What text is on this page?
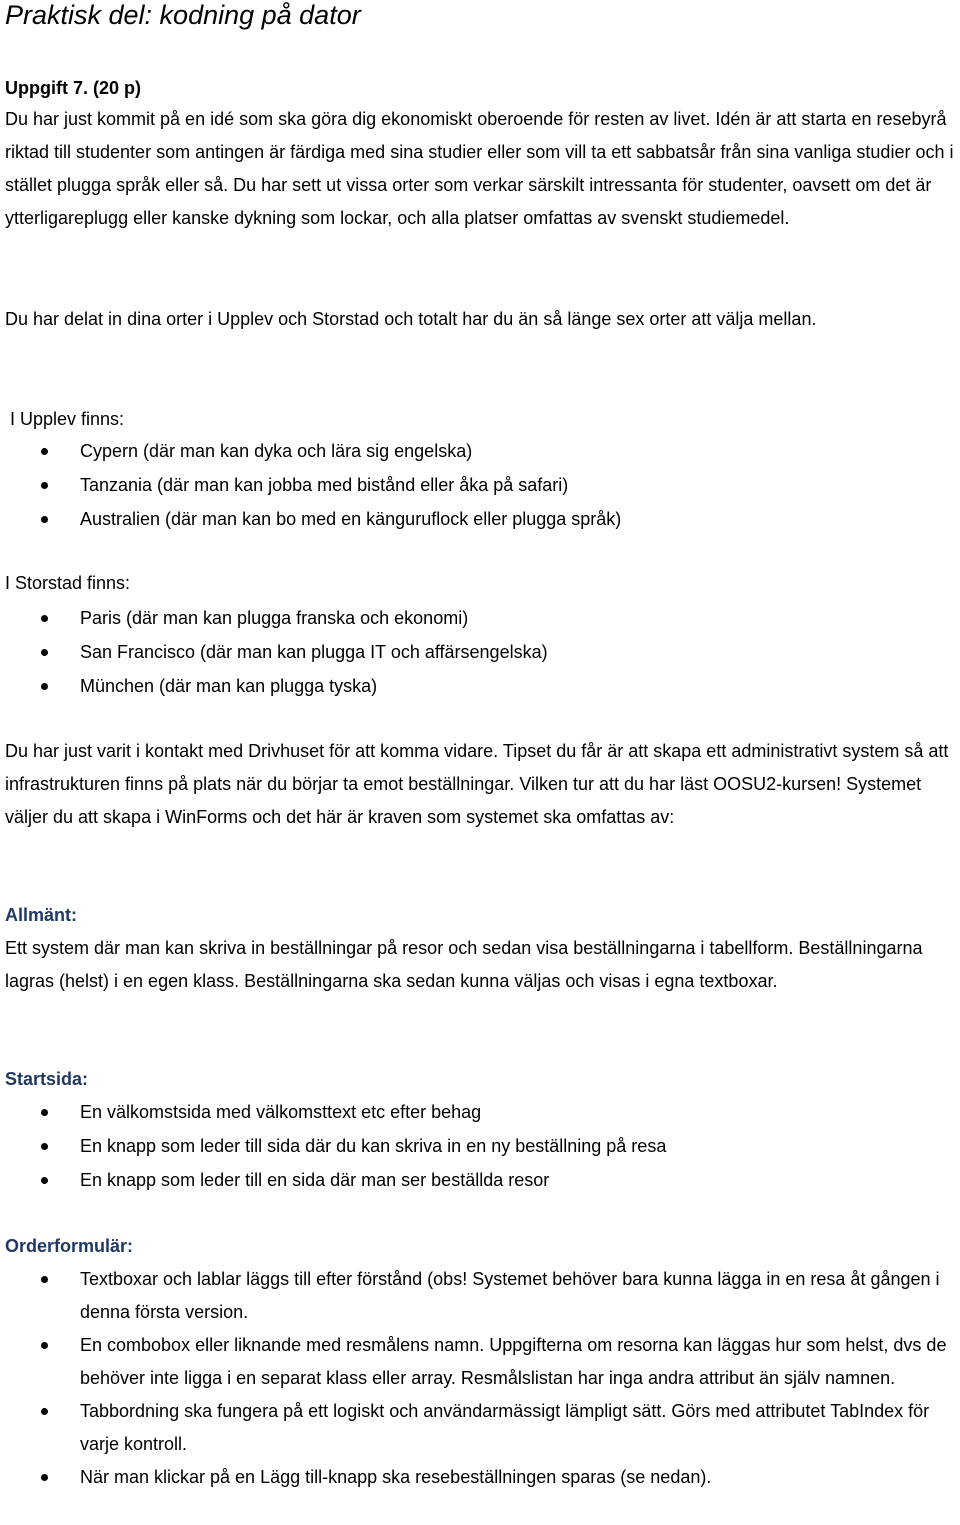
Praktisk del: kodning på dator
Uppgift 7. (20 p)

Du har just kommit på en idé som ska göra dig ekonomiskt oberoende för resten av livet. Idén är att starta en resebyrå riktad till studenter som antingen är färdiga med sina studier eller som vill ta ett sabbatsår från sina vanliga studier och i stället plugga språk eller så. Du har sett ut vissa orter som verkar särskilt intressanta för studenter, oavsett om det är ytterligareplugg eller kanske dykning som lockar, och alla platser omfattas av svenskt studiemedel.

Du har delat in dina orter i Upplev och Storstad och totalt har du än så länge sex orter att välja mellan.

I Upplev finns:
Cypern (där man kan dyka och lära sig engelska)
Tanzania (där man kan jobba med bistånd eller åka på safari)
Australien (där man kan bo med en känguruflock eller plugga språk)
I Storstad finns:
Paris (där man kan plugga franska och ekonomi)
San Francisco (där man kan plugga IT och affärsengelska)
München (där man kan plugga tyska)

Du har just varit i kontakt med Drivhuset för att komma vidare. Tipset du får är att skapa ett administrativt system så att infrastrukturen finns på plats när du börjar ta emot beställningar. Vilken tur att du har läst OOSU2-kursen! Systemet väljer du att skapa i WinForms och det här är kraven som systemet ska omfattas av:

Allmänt:

Ett system där man kan skriva in beställningar på resor och sedan visa beställningarna i tabellform. Beställningarna lagras (helst) i en egen klass. Beställningarna ska sedan kunna väljas och visas i egna textboxar.

Startsida:
En välkomstsida med välkomsttext etc efter behag
En knapp som leder till sida där du kan skriva in en ny beställning på resa
En knapp som leder till en sida där man ser beställda resor
Orderformulär:
Textboxar och lablar läggs till efter förstånd (obs! Systemet behöver bara kunna lägga in en resa åt gången i denna första version.
En combobox eller liknande med resmålens namn. Uppgifterna om resorna kan läggas hur som helst, dvs de behöver inte ligga i en separat klass eller array. Resmålslistan har inga andra attribut än själv namnen.
Tabbordning ska fungera på ett logiskt och användarmässigt lämpligt sätt. Görs med attributet TabIndex för varje kontroll.
När man klickar på en Lägg till-knapp ska resebeställningen sparas (se nedan).
